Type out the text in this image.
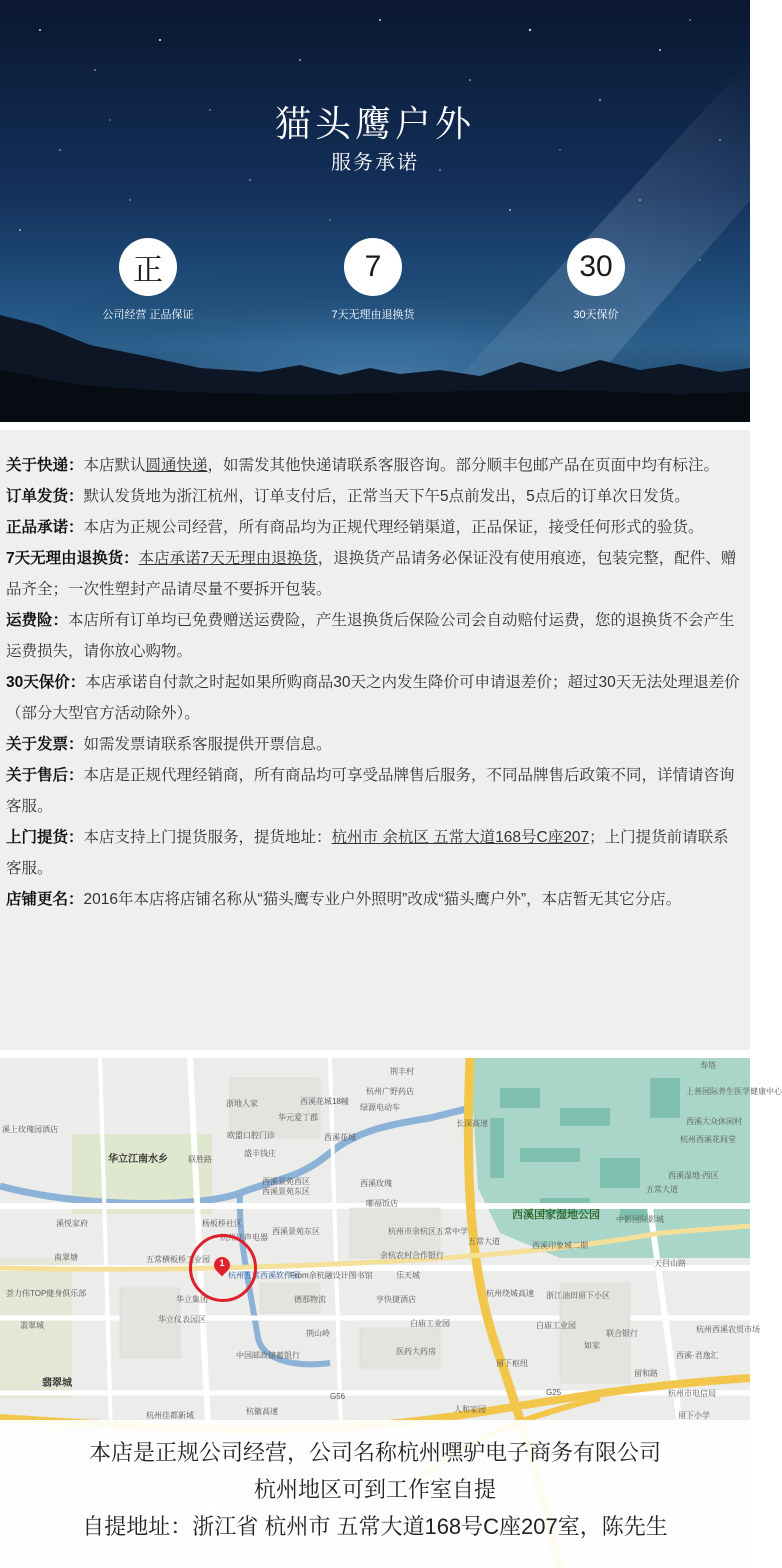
猫头鹰户外
服务承诺
正
公司经营 正品保证
7
7天无理由退换货
30
30天保价

关于快递：本店默认圆通快递，如需发其他快递请联系客服咨询。部分顺丰包邮产品在页面中均有标注。

订单发货：默认发货地为浙江杭州，订单支付后，正常当天下午5点前发出，5点后的订单次日发货。

正品承诺：本店为正规公司经营，所有商品均为正规代理经销渠道，正品保证，接受任何形式的验货。

7天无理由退换货：本店承诺7天无理由退换货，退换货产品请务必保证没有使用痕迹，包装完整，配件、赠品齐全；一次性塑封产品请尽量不要拆开包装。

运费险：本店所有订单均已免费赠送运费险，产生退换货后保险公司会自动赔付运费，您的退换货不会产生运费损失，请你放心购物。

30天保价：本店承诺自付款之时起如果所购商品30天之内发生降价可申请退差价；超过30天无法处理退差价（部分大型官方活动除外）。

关于发票：如需发票请联系客服提供开票信息。

关于售后：本店是正规代理经销商，所有商品均可享受品牌售后服务，不同品牌售后政策不同，详情请咨询客服。

上门提货：本店支持上门提货服务，提货地址：杭州市 余杭区 五常大道168号C座207；上门提货前请联系客服。

店铺更名：2016年本店将店铺名称从“猫头鹰专业户外照明”改成“猫头鹰户外”，本店暂无其它分店。

荆丰村
浙地人家	西溪花城18幢
杭州广野药店
绿源电动车
华元爱丁郡
溪上玫瑰园酒店
欧盟口腔门诊	西溪花城
华立江南水乡
盛丰钱庄
联胜路
西溪景苑西区
西溪景苑东区
西溪玫瑰
嘟福饭店
溪悦家府	杨板桥社区
杭州达声电器
西溪景苑东区	杭州市余杭区五常中学
余杭农村合作银行
南翠塘	五常横板桥工业园
杭州五常西溪软件园
From余杭融设计图书馆	乐天城
荟力伟TOP健身俱乐部
华立集团	德那物流	亨快捷酒店
翡翠城
华立仪表园区
荆山岭
白庙工业园
中国邮政储蓄银行	医药大药房
翡翠城
杭徽高速
杭州佳都新城
人和家园
留下枢纽
西溪国家湿地公园
长深高速
天目山路
浙江油田留下小区
联合银行	杭州西溪农贸市场
杭州市电信局
西溪·君逸汇
留下小学
西溪印象城二期
中影国际影城
五常大道
上善国际养生医学健康中心
西溪大众休闲村
杭州西溪花间堂
西溪湿地·西区
五常大道
留和路
白庙工业园
如家
G56	G25
寿塔
杭州绕城高速
1
本店是正规公司经营，公司名称杭州嘿驴电子商务有限公司
杭州地区可到工作室自提
自提地址：浙江省 杭州市 五常大道168号C座207室，陈先生
